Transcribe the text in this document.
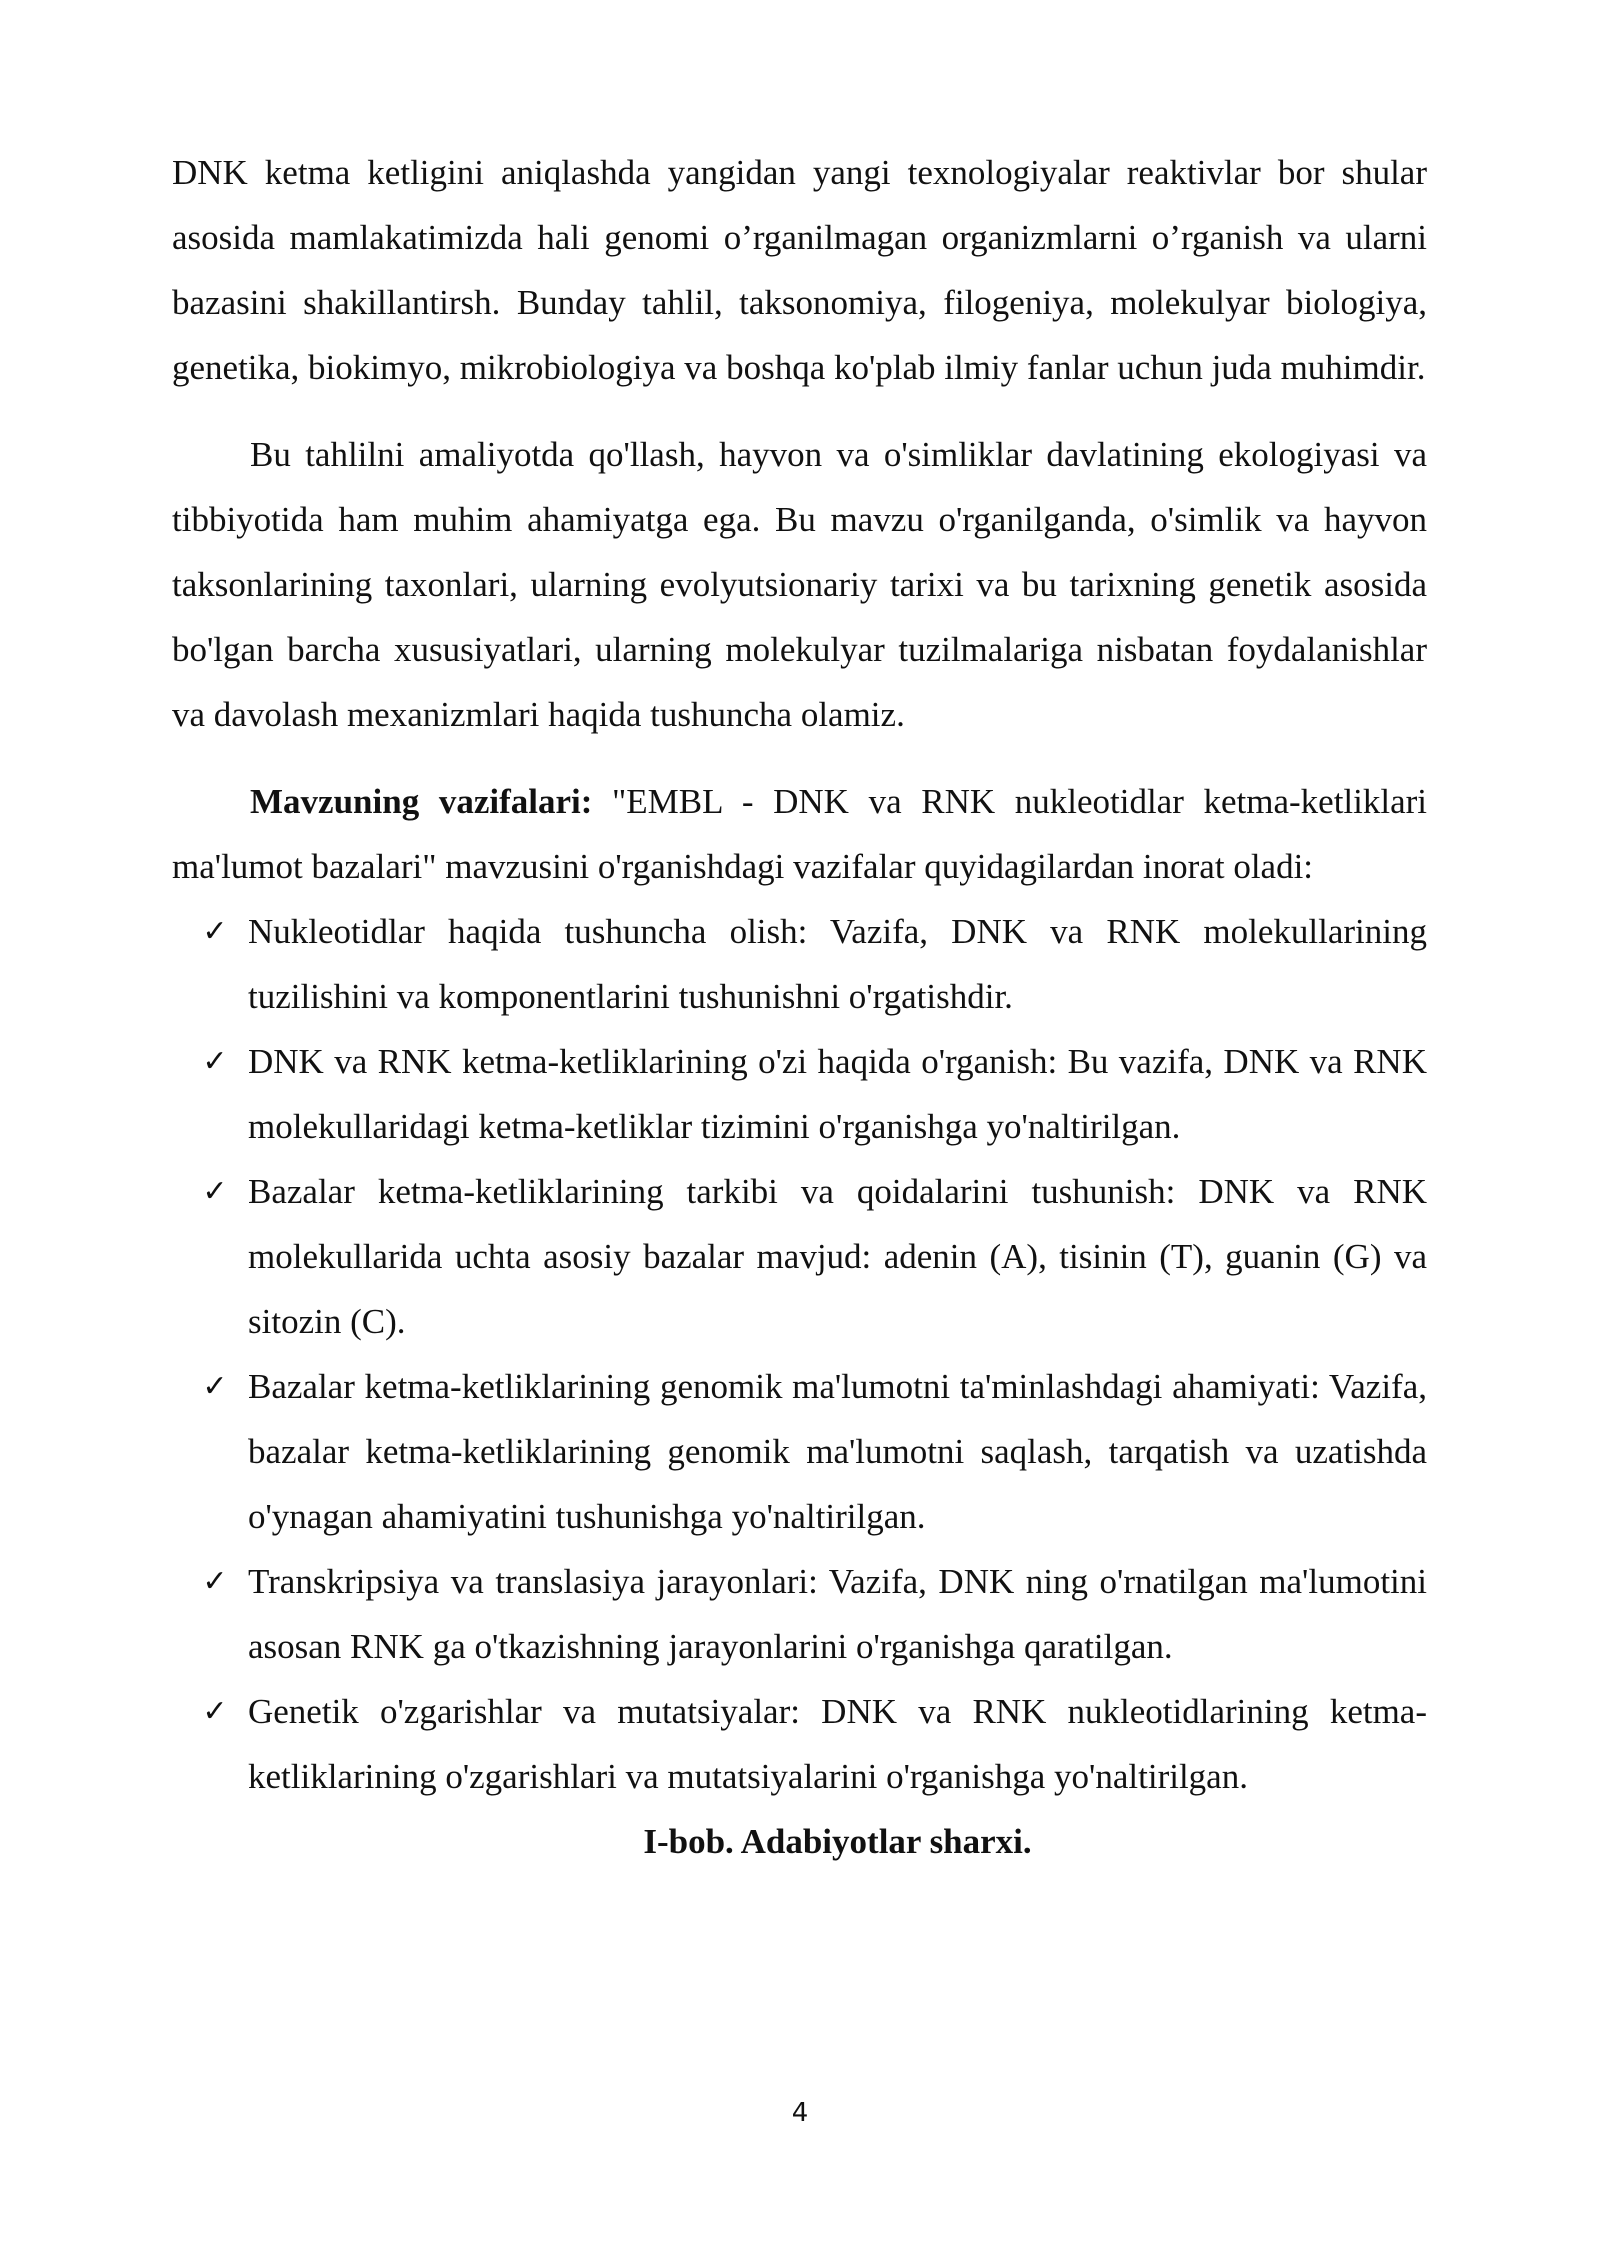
DNK ketma ketligini aniqlashda yangidan yangi texnologiyalar reaktivlar bor shular asosida mamlakatimizda hali genomi o’rganilmagan organizmlarni o’rganish va ularni bazasini shakillantirsh. Bunday tahlil, taksonomiya, filogeniya, molekulyar biologiya, genetika, biokimyo, mikrobiologiya va boshqa ko'plab ilmiy fanlar uchun juda muhimdir.

Bu tahlilni amaliyotda qo'llash, hayvon va o'simliklar davlatining ekologiyasi va tibbiyotida ham muhim ahamiyatga ega. Bu mavzu o'rganilganda, o'simlik va hayvon taksonlarining taxonlari, ularning evolyutsionariy tarixi va bu tarixning genetik asosida bo'lgan barcha xususiyatlari, ularning molekulyar tuzilmalariga nisbatan foydalanishlar va davolash mexanizmlari haqida tushuncha olamiz.

Mavzuning vazifalari: "EMBL - DNK va RNK nukleotidlar ketma-ketliklari ma'lumot bazalari" mavzusini o'rganishdagi vazifalar quyidagilardan inorat oladi:

✓ Nukleotidlar haqida tushuncha olish: Vazifa, DNK va RNK molekullarining tuzilishini va komponentlarini tushunishni o'rgatishdir.
✓ DNK va RNK ketma-ketliklarining o'zi haqida o'rganish: Bu vazifa, DNK va RNK molekullaridagi ketma-ketliklar tizimini o'rganishga yo'naltirilgan.
✓ Bazalar ketma-ketliklarining tarkibi va qoidalarini tushunish: DNK va RNK molekullarida uchta asosiy bazalar mavjud: adenin (A), tisinin (T), guanin (G) va sitozin (C).
✓ Bazalar ketma-ketliklarining genomik ma'lumotni ta'minlashdagi ahamiyati: Vazifa, bazalar ketma-ketliklarining genomik ma'lumotni saqlash, tarqatish va uzatishda o'ynagan ahamiyatini tushunishga yo'naltirilgan.
✓ Transkripsiya va translasiya jarayonlari: Vazifa, DNK ning o'rnatilgan ma'lumotini asosan RNK ga o'tkazishning jarayonlarini o'rganishga qaratilgan.
✓ Genetik o'zgarishlar va mutatsiyalar: DNK va RNK nukleotidlarining ketma-ketliklarining o'zgarishlari va mutatsiyalarini o'rganishga yo'naltirilgan.
I-bob. Adabiyotlar sharxi.
4
